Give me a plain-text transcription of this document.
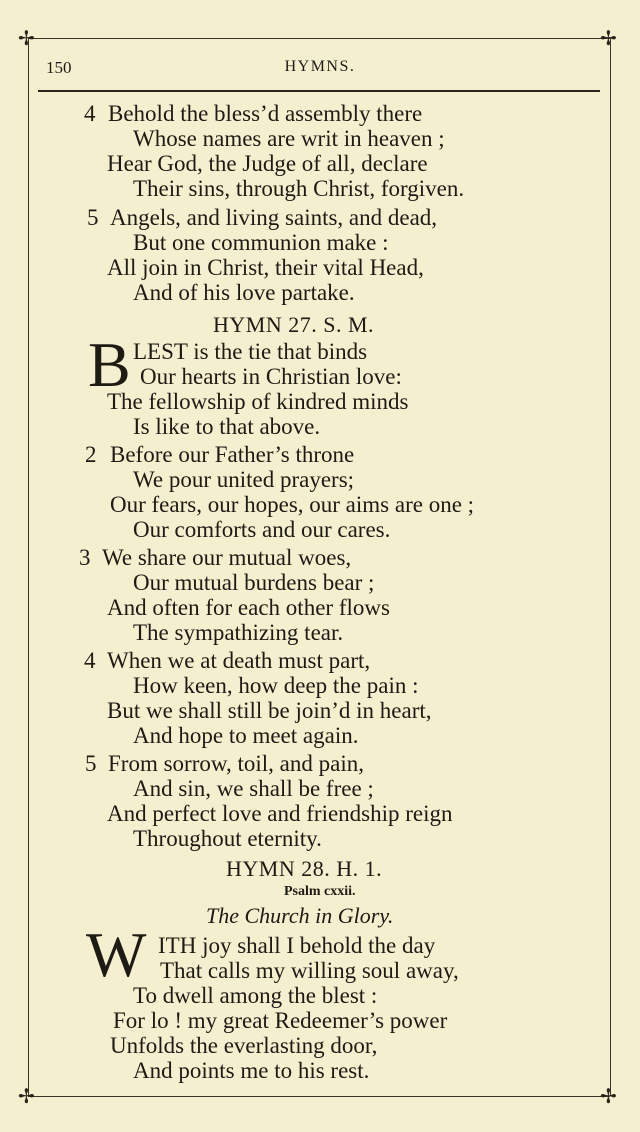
✢	✢
✢	✢
150	HYMNS.
4 Behold the bless’d assembly there
Whose names are writ in heaven ;
Hear God, the Judge of all, declare
Their sins, through Christ, forgiven.
5 Angels, and living saints, and dead,
But one communion make :
All join in Christ, their vital Head,
And of his love partake.
HYMN 27. S. M.
B LEST is the tie that binds
Our hearts in Christian love:
The fellowship of kindred minds
Is like to that above.
2 Before our Father’s throne
We pour united prayers;
Our fears, our hopes, our aims are one ;
Our comforts and our cares.
3 We share our mutual woes,
Our mutual burdens bear ;
And often for each other flows
The sympathizing tear.
4 When we at death must part,
How keen, how deep the pain :
But we shall still be join’d in heart,
And hope to meet again.
5 From sorrow, toil, and pain,
And sin, we shall be free ;
And perfect love and friendship reign
Throughout eternity.
HYMN 28. H. 1.
Psalm cxxii.
The Church in Glory.
W ITH joy shall I behold the day
That calls my willing soul away,
To dwell among the blest :
For lo ! my great Redeemer’s power
Unfolds the everlasting door,
And points me to his rest.
